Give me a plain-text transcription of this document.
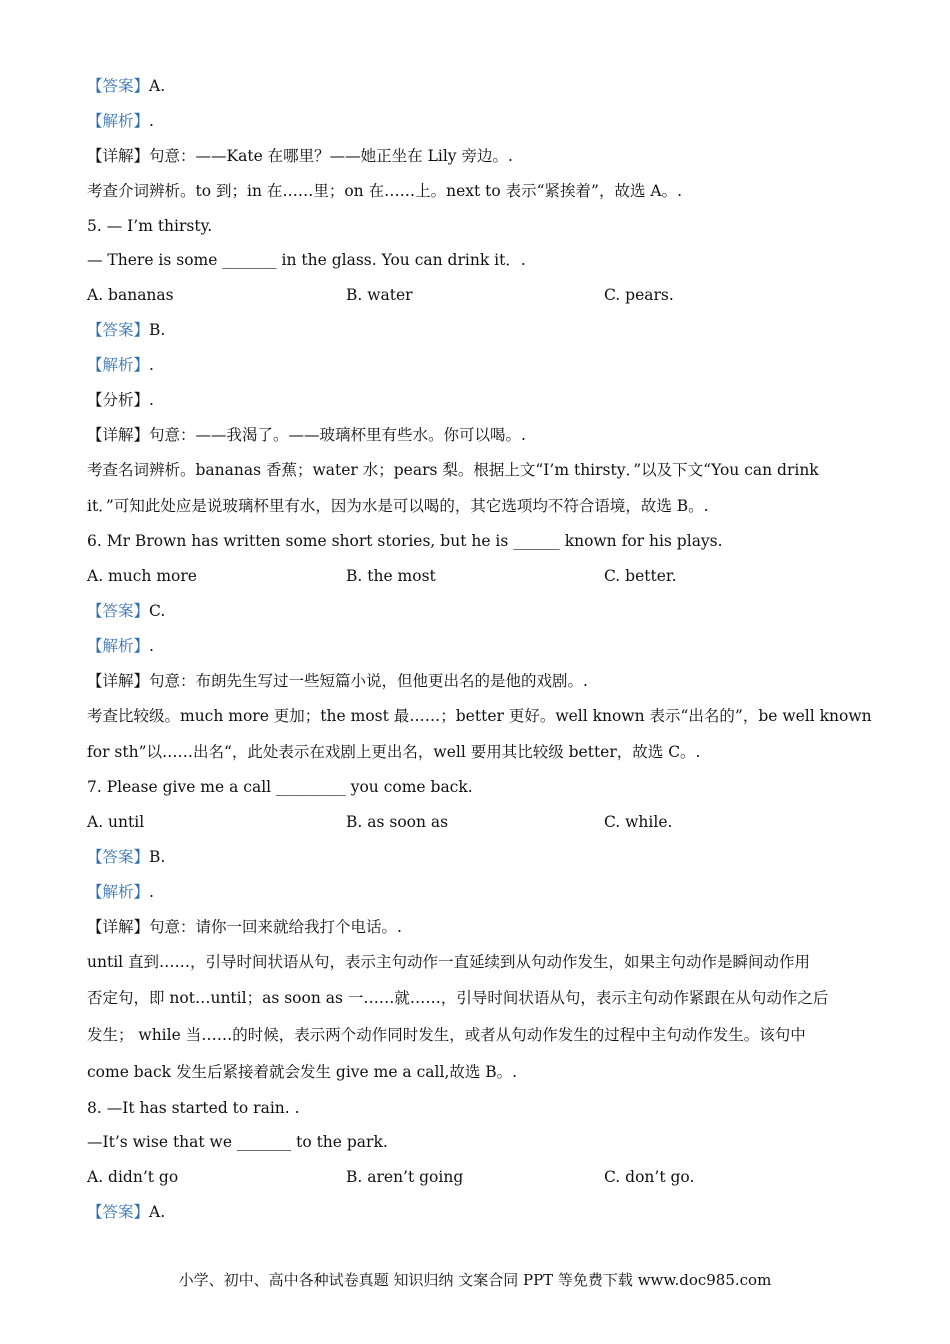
【答案】A.
【解析】.
【详解】句意：——Kate 在哪里？——她正坐在 Lily 旁边。.
考查介词辨析。to 到；in 在……里；on 在……上。next to 表示“紧挨着”，故选 A。.
5. — I’m thirsty.
— There is some _______ in the glass. You can drink it．.
A. bananas	B. water	C. pears.
【答案】B.
【解析】.
【分析】.
【详解】句意：——我渴了。——玻璃杯里有些水。你可以喝。.
考查名词辨析。bananas 香蕉；water 水；pears 梨。根据上文“I’m thirsty．”以及下文“You can drink
it．”可知此处应是说玻璃杯里有水，因为水是可以喝的，其它选项均不符合语境，故选 B。.
6. Mr Brown has written some short stories, but he is ______ known for his plays.
A. much more	B. the most	C. better.
【答案】C.
【解析】.
【详解】句意：布朗先生写过一些短篇小说，但他更出名的是他的戏剧。.
考查比较级。much more 更加；the most 最……；better 更好。well known 表示“出名的”，be well known
for sth”以……出名“，此处表示在戏剧上更出名，well 要用其比较级 better，故选 C。.
7. Please give me a call _________ you come back.
A. until	B. as soon as	C. while.
【答案】B.
【解析】.
【详解】句意：请你一回来就给我打个电话。.
until 直到……，引导时间状语从句，表示主句动作一直延续到从句动作发生，如果主句动作是瞬间动作用
否定句，即 not…until；as soon as 一……就……，引导时间状语从句，表示主句动作紧跟在从句动作之后
发生； while 当……的时候，表示两个动作同时发生，或者从句动作发生的过程中主句动作发生。该句中
come back 发生后紧接着就会发生 give me a call,故选 B。.
8. —It has started to rain. .
—It’s wise that we _______ to the park.
A. didn’t go	B. aren’t going	C. don’t go.
【答案】A.
小学、初中、高中各种试卷真题 知识归纳 文案合同 PPT 等免费下载 www.doc985.com
